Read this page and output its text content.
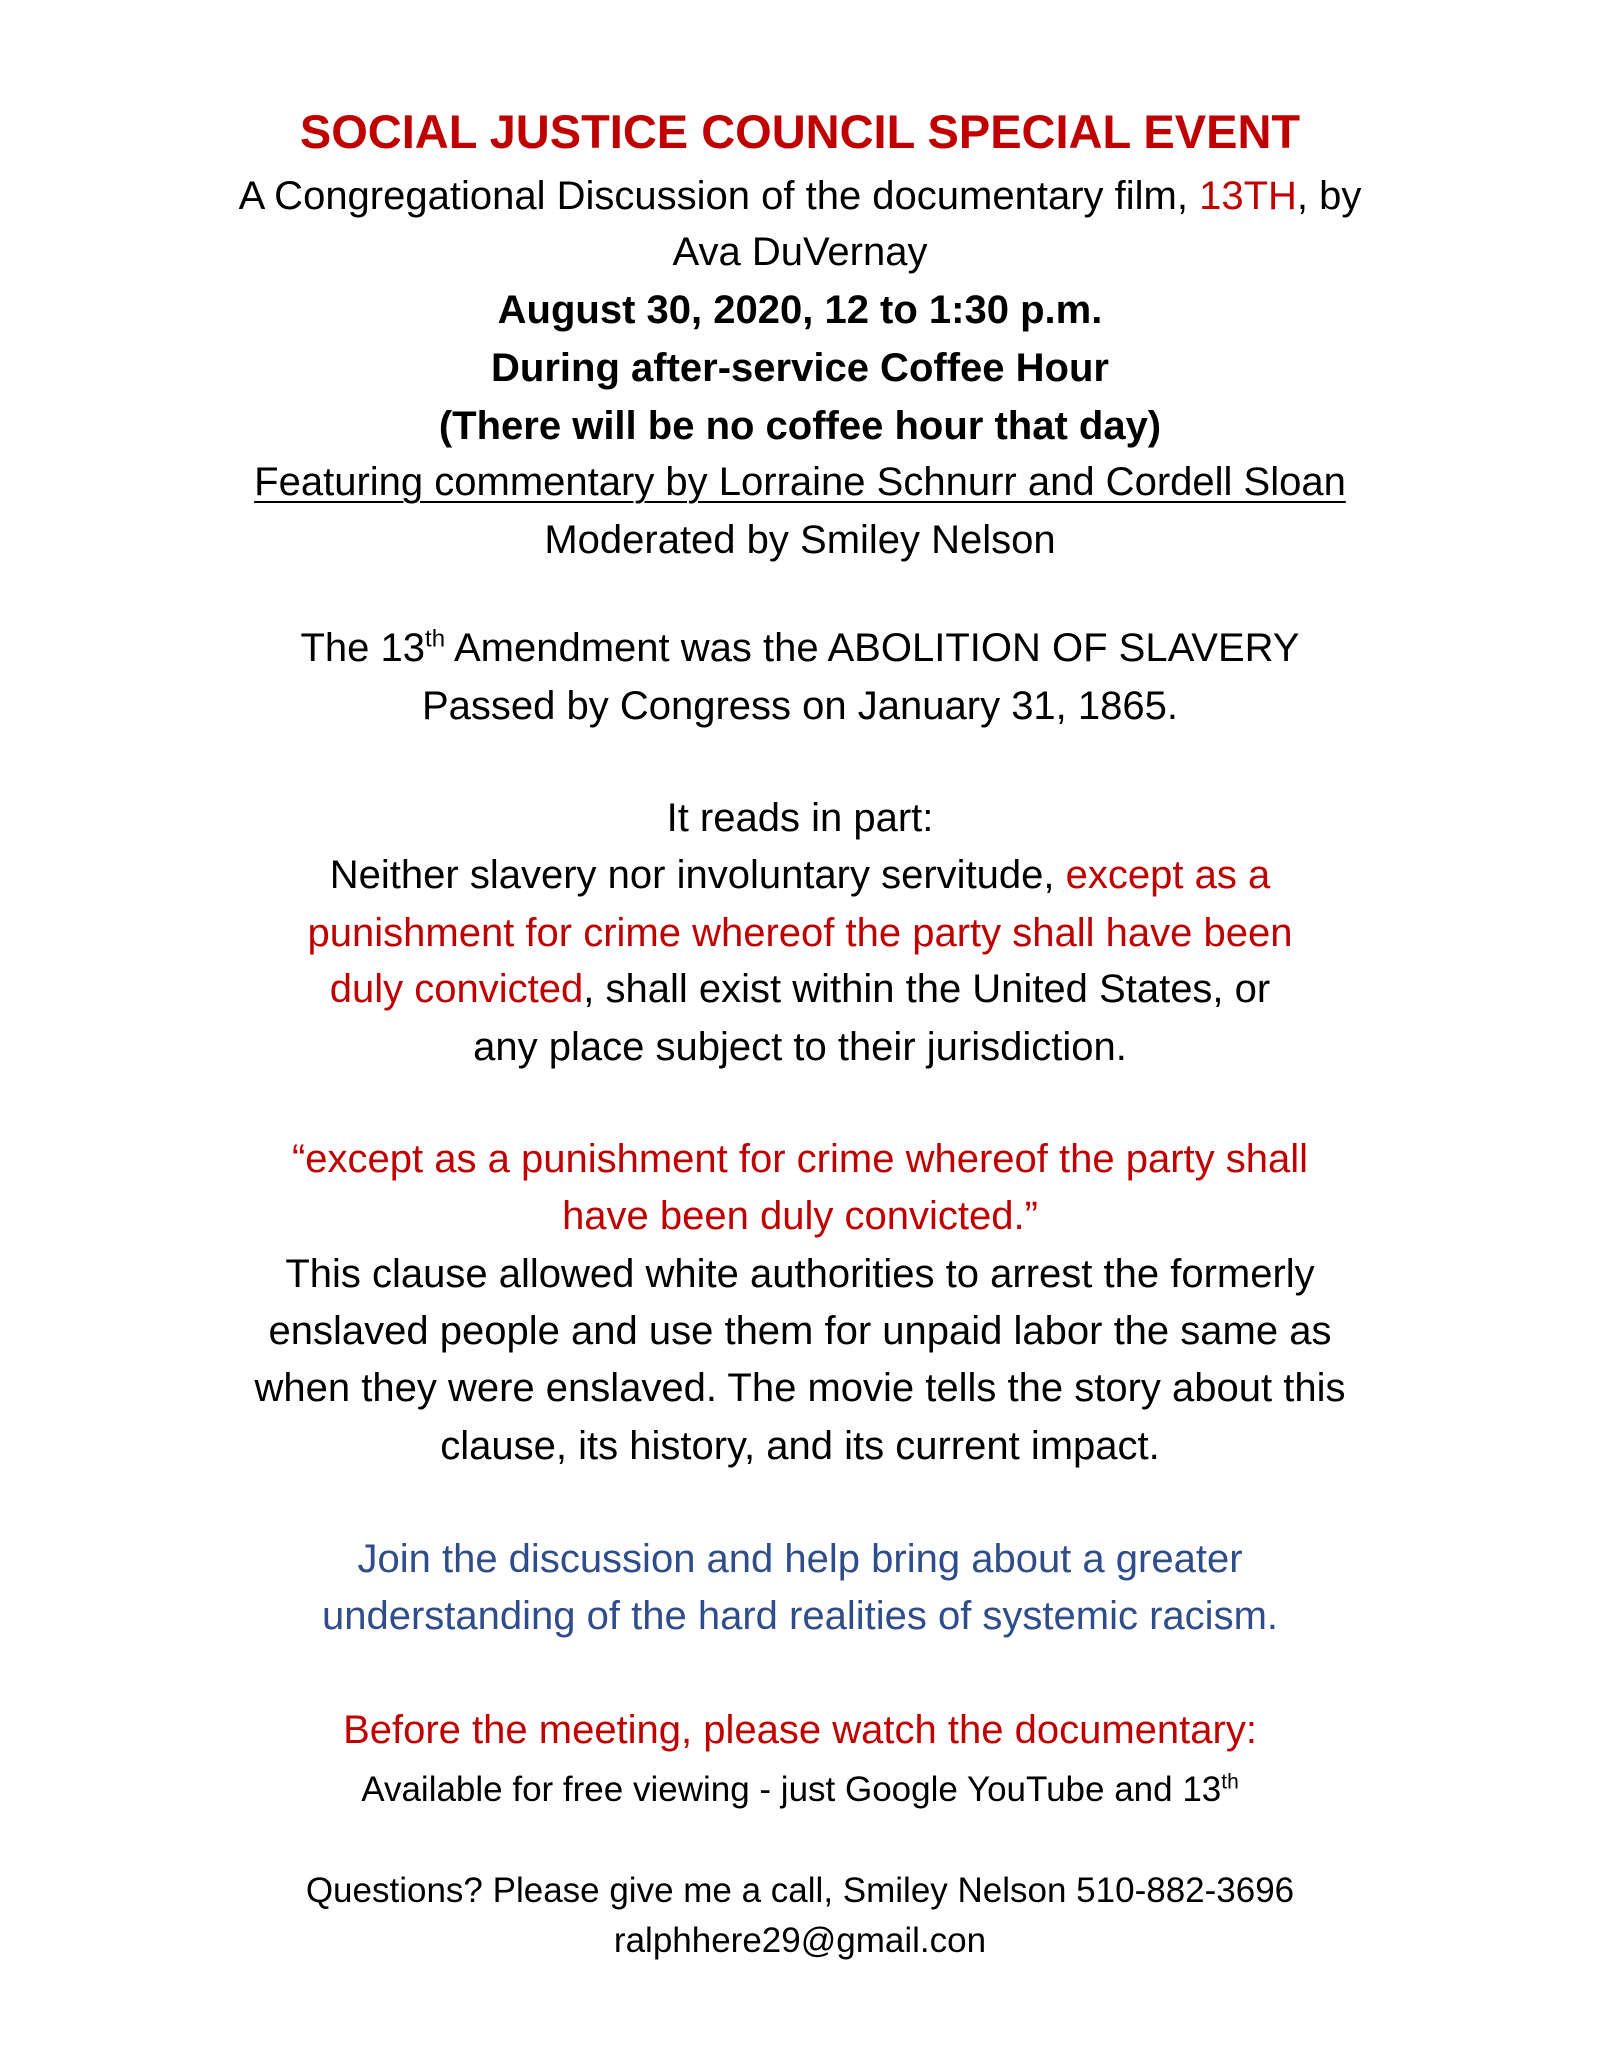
SOCIAL JUSTICE COUNCIL SPECIAL EVENT
A Congregational Discussion of the documentary film, 13TH, by
Ava DuVernay
August 30, 2020, 12 to 1:30 p.m.
During after-service Coffee Hour
(There will be no coffee hour that day)
Featuring commentary by Lorraine Schnurr and Cordell Sloan
Moderated by Smiley Nelson
The 13th Amendment was the ABOLITION OF SLAVERY
Passed by Congress on January 31, 1865.
It reads in part:
Neither slavery nor involuntary servitude, except as a
punishment for crime whereof the party shall have been
duly convicted, shall exist within the United States, or
any place subject to their jurisdiction.
“except as a punishment for crime whereof the party shall
have been duly convicted.”
This clause allowed white authorities to arrest the formerly
enslaved people and use them for unpaid labor the same as
when they were enslaved. The movie tells the story about this
clause, its history, and its current impact.
Join the discussion and help bring about a greater
understanding of the hard realities of systemic racism.
Before the meeting, please watch the documentary:
Available for free viewing - just Google YouTube and 13th
Questions? Please give me a call, Smiley Nelson 510-882-3696
ralphhere29@gmail.con
